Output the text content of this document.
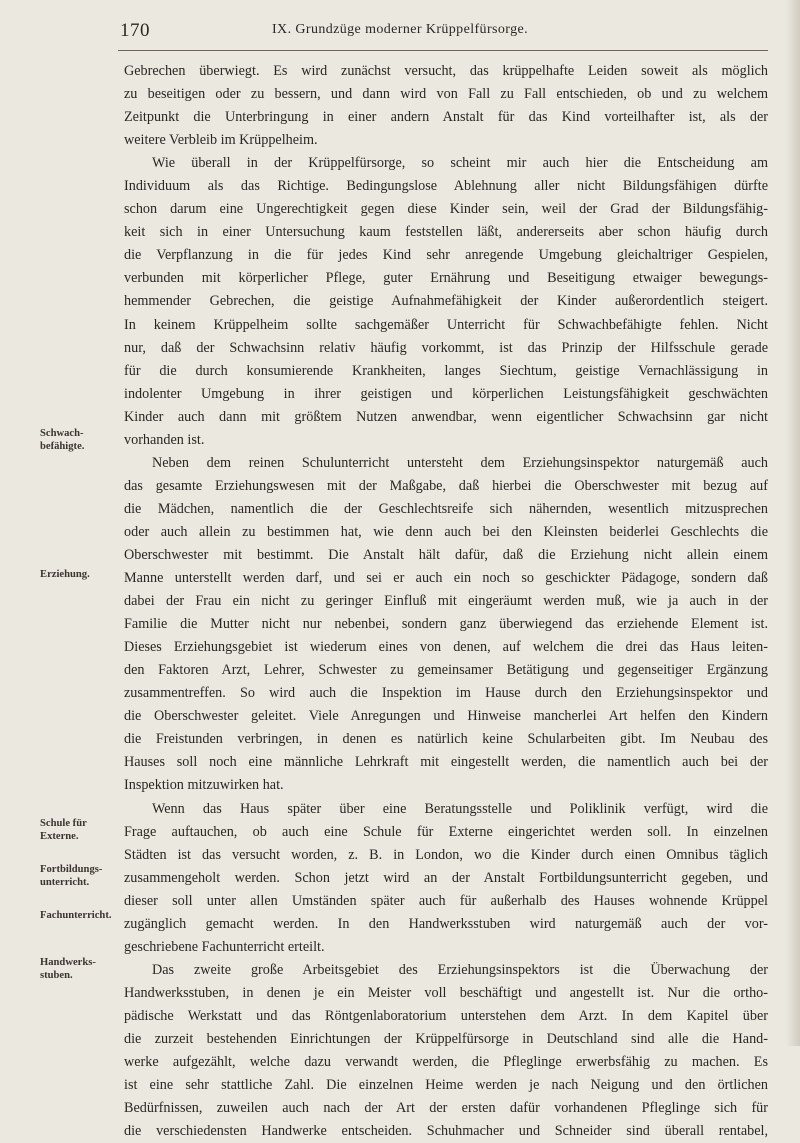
170	IX. Grundzüge moderner Krüppelfürsorge.
Schwach-
befähigte.
Erziehung.
Schule für
Externe.
Fortbildungs-
unterricht.
Fachunterricht.
Handwerks-
stuben.
Gebrechen überwiegt. Es wird zunächst versucht, das krüppelhafte Leiden soweit als möglich
zu beseitigen oder zu bessern, und dann wird von Fall zu Fall entschieden, ob und zu welchem
Zeitpunkt die Unterbringung in einer andern Anstalt für das Kind vorteilhafter ist, als der
weitere Verbleib im Krüppelheim.
Wie überall in der Krüppelfürsorge, so scheint mir auch hier die Entscheidung am
Individuum als das Richtige. Bedingungslose Ablehnung aller nicht Bildungsfähigen dürfte
schon darum eine Ungerechtigkeit gegen diese Kinder sein, weil der Grad der Bildungsfähig-
keit sich in einer Untersuchung kaum feststellen läßt, andererseits aber schon häufig durch
die Verpflanzung in die für jedes Kind sehr anregende Umgebung gleichaltriger Gespielen,
verbunden mit körperlicher Pflege, guter Ernährung und Beseitigung etwaiger bewegungs-
hemmender Gebrechen, die geistige Aufnahmefähigkeit der Kinder außerordentlich steigert.
In keinem Krüppelheim sollte sachgemäßer Unterricht für Schwachbefähigte fehlen. Nicht
nur, daß der Schwachsinn relativ häufig vorkommt, ist das Prinzip der Hilfsschule gerade
für die durch konsumierende Krankheiten, langes Siechtum, geistige Vernachlässigung in
indolenter Umgebung in ihrer geistigen und körperlichen Leistungsfähigkeit geschwächten
Kinder auch dann mit größtem Nutzen anwendbar, wenn eigentlicher Schwachsinn gar nicht
vorhanden ist.
Neben dem reinen Schulunterricht untersteht dem Erziehungsinspektor naturgemäß auch
das gesamte Erziehungswesen mit der Maßgabe, daß hierbei die Oberschwester mit bezug auf
die Mädchen, namentlich die der Geschlechtsreife sich nähernden, wesentlich mitzusprechen
oder auch allein zu bestimmen hat, wie denn auch bei den Kleinsten beiderlei Geschlechts die
Oberschwester mit bestimmt. Die Anstalt hält dafür, daß die Erziehung nicht allein einem
Manne unterstellt werden darf, und sei er auch ein noch so geschickter Pädagoge, sondern daß
dabei der Frau ein nicht zu geringer Einfluß mit eingeräumt werden muß, wie ja auch in der
Familie die Mutter nicht nur nebenbei, sondern ganz überwiegend das erziehende Element ist.
Dieses Erziehungsgebiet ist wiederum eines von denen, auf welchem die drei das Haus leiten-
den Faktoren Arzt, Lehrer, Schwester zu gemeinsamer Betätigung und gegenseitiger Ergänzung
zusammentreffen. So wird auch die Inspektion im Hause durch den Erziehungsinspektor und
die Oberschwester geleitet. Viele Anregungen und Hinweise mancherlei Art helfen den Kindern
die Freistunden verbringen, in denen es natürlich keine Schularbeiten gibt. Im Neubau des
Hauses soll noch eine männliche Lehrkraft mit eingestellt werden, die namentlich auch bei der
Inspektion mitzuwirken hat.
Wenn das Haus später über eine Beratungsstelle und Poliklinik verfügt, wird die
Frage auftauchen, ob auch eine Schule für Externe eingerichtet werden soll. In einzelnen
Städten ist das versucht worden, z. B. in London, wo die Kinder durch einen Omnibus täglich
zusammengeholt werden. Schon jetzt wird an der Anstalt Fortbildungsunterricht gegeben, und
dieser soll unter allen Umständen später auch für außerhalb des Hauses wohnende Krüppel
zugänglich gemacht werden. In den Handwerksstuben wird naturgemäß auch der vor-
geschriebene Fachunterricht erteilt.
Das zweite große Arbeitsgebiet des Erziehungsinspektors ist die Überwachung der
Handwerksstuben, in denen je ein Meister voll beschäftigt und angestellt ist. Nur die ortho-
pädische Werkstatt und das Röntgenlaboratorium unterstehen dem Arzt. In dem Kapitel über
die zurzeit bestehenden Einrichtungen der Krüppelfürsorge in Deutschland sind alle die Hand-
werke aufgezählt, welche dazu verwandt werden, die Pfleglinge erwerbsfähig zu machen. Es
ist eine sehr stattliche Zahl. Die einzelnen Heime werden je nach Neigung und den örtlichen
Bedürfnissen, zuweilen auch nach der Art der ersten dafür vorhandenen Pfleglinge sich für
die verschiedensten Handwerke entscheiden. Schuhmacher und Schneider sind überall rentabel,
